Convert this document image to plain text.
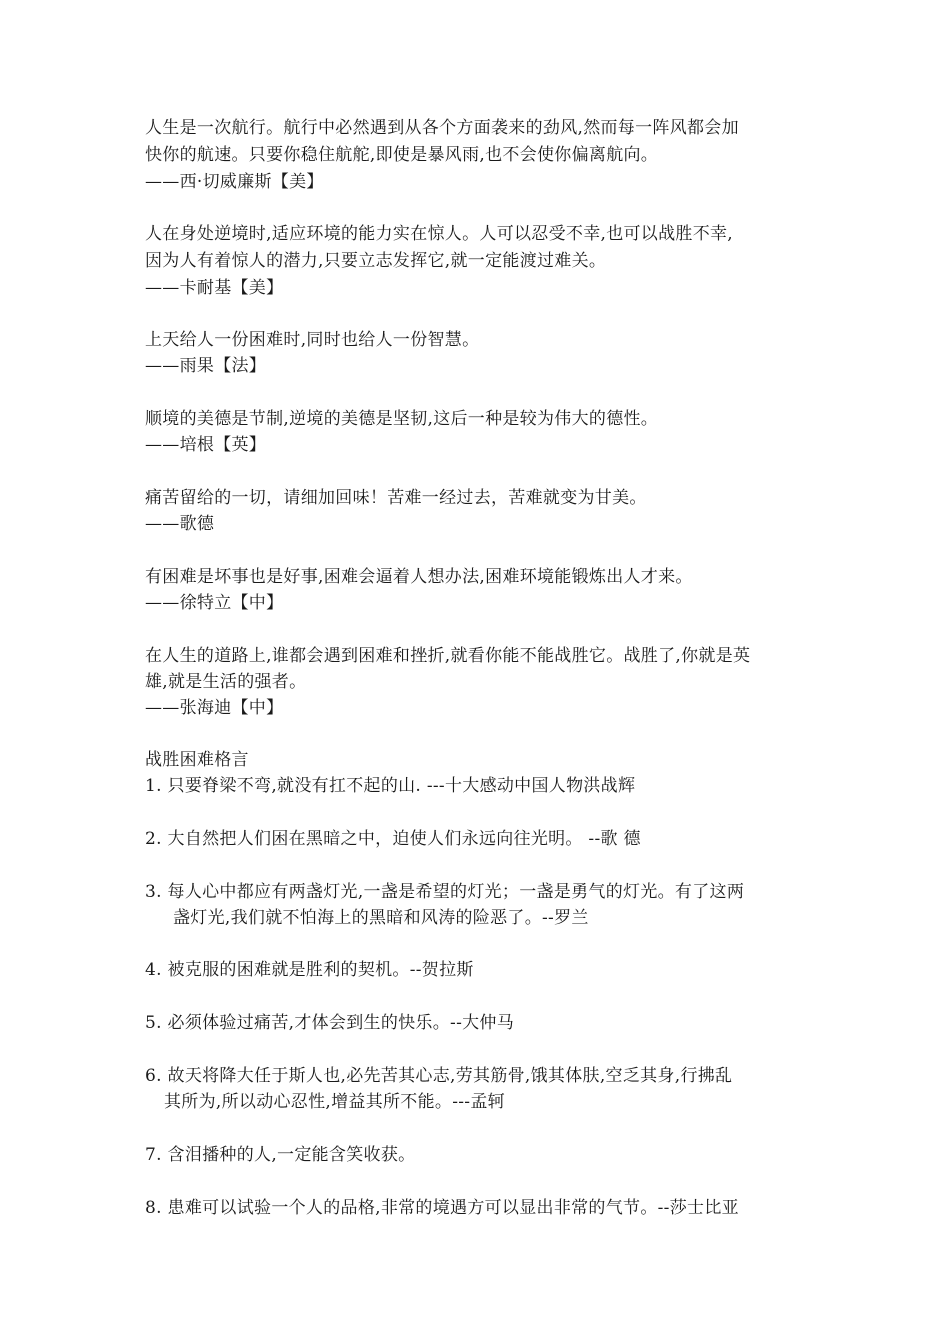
人生是一次航行。航行中必然遇到从各个方面袭来的劲风,然而每一阵风都会加
快你的航速。只要你稳住航舵,即使是暴风雨,也不会使你偏离航向。
——西·切威廉斯【美】
人在身处逆境时,适应环境的能力实在惊人。人可以忍受不幸,也可以战胜不幸,
因为人有着惊人的潜力,只要立志发挥它,就一定能渡过难关。
——卡耐基【美】
上天给人一份困难时,同时也给人一份智慧。
——雨果【法】
顺境的美德是节制,逆境的美德是坚韧,这后一种是较为伟大的德性。
——培根【英】
痛苦留给的一切，请细加回味！苦难一经过去，苦难就变为甘美。
——歌德
有困难是坏事也是好事,困难会逼着人想办法,困难环境能锻炼出人才来。
——徐特立【中】
在人生的道路上,谁都会遇到困难和挫折,就看你能不能战胜它。战胜了,你就是英
雄,就是生活的强者。
——张海迪【中】
战胜困难格言
1. 只要脊梁不弯,就没有扛不起的山. ---十大感动中国人物洪战辉
2. 大自然把人们困在黑暗之中，迫使人们永远向往光明。 --歌 德
3. 每人心中都应有两盏灯光,一盏是希望的灯光；一盏是勇气的灯光。有了这两
盏灯光,我们就不怕海上的黑暗和风涛的险恶了。--罗兰
4. 被克服的困难就是胜利的契机。--贺拉斯
5. 必须体验过痛苦,才体会到生的快乐。--大仲马
6. 故天将降大任于斯人也,必先苦其心志,劳其筋骨,饿其体肤,空乏其身,行拂乱
其所为,所以动心忍性,增益其所不能。---孟轲
7. 含泪播种的人,一定能含笑收获。
8. 患难可以试验一个人的品格,非常的境遇方可以显出非常的气节。--莎士比亚
